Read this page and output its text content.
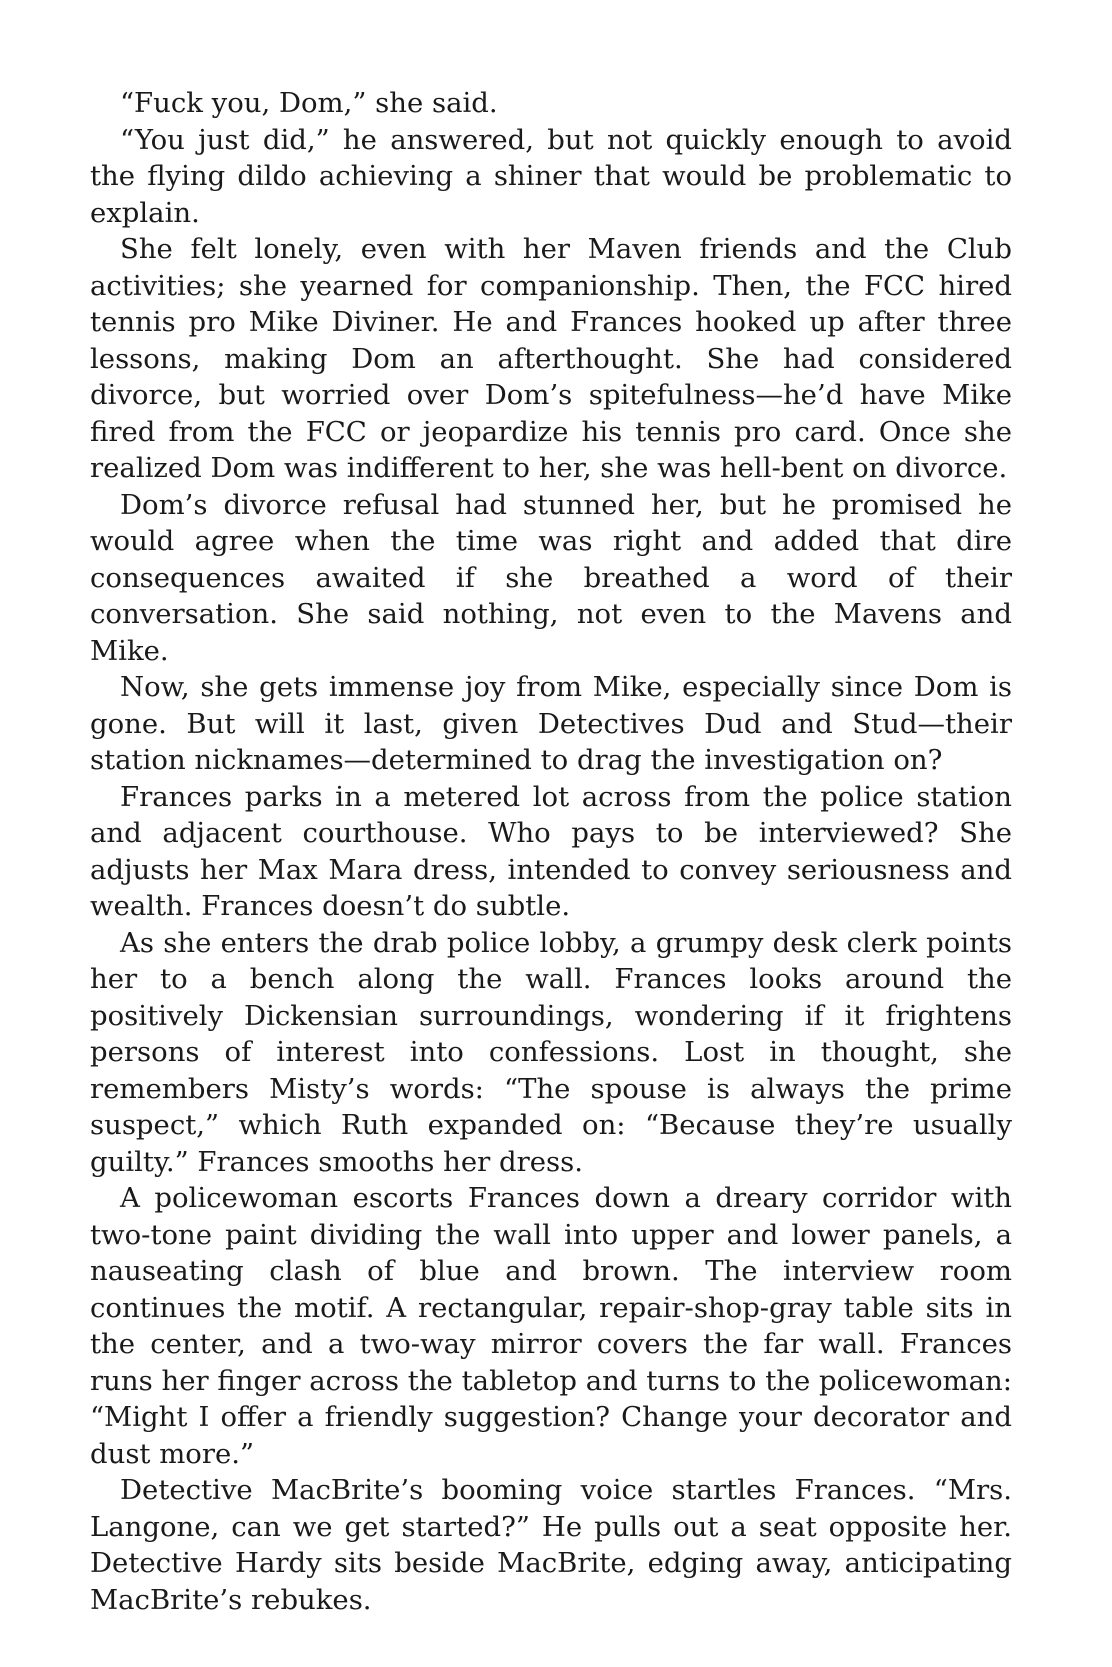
“Fuck you, Dom,” she said.

“You just did,” he answered, but not quickly enough to avoid the flying dildo achieving a shiner that would be problematic to explain.

She felt lonely, even with her Maven friends and the Club activities; she yearned for companionship. Then, the FCC hired tennis pro Mike Diviner. He and Frances hooked up after three lessons, making Dom an afterthought. She had considered divorce, but worried over Dom’s spitefulness—he’d have Mike fired from the FCC or jeopardize his tennis pro card. Once she realized Dom was indifferent to her, she was hell-bent on divorce.

Dom’s divorce refusal had stunned her, but he promised he would agree when the time was right and added that dire consequences awaited if she breathed a word of their conversation. She said nothing, not even to the Mavens and Mike.

Now, she gets immense joy from Mike, especially since Dom is gone. But will it last, given Detectives Dud and Stud—their station nicknames—determined to drag the investigation on?

Frances parks in a metered lot across from the police station and adjacent courthouse. Who pays to be interviewed? She adjusts her Max Mara dress, intended to convey seriousness and wealth. Frances doesn’t do subtle.

As she enters the drab police lobby, a grumpy desk clerk points her to a bench along the wall. Frances looks around the positively Dickensian surroundings, wondering if it frightens persons of interest into confessions. Lost in thought, she remembers Misty’s words: “The spouse is always the prime suspect,” which Ruth expanded on: “Because they’re usually guilty.” Frances smooths her dress.

A policewoman escorts Frances down a dreary corridor with two-tone paint dividing the wall into upper and lower panels, a nauseating clash of blue and brown. The interview room continues the motif. A rectangular, repair-shop-gray table sits in the center, and a two-way mirror covers the far wall. Frances runs her finger across the tabletop and turns to the policewoman: “Might I offer a friendly suggestion? Change your decorator and dust more.”

Detective MacBrite’s booming voice startles Frances. “Mrs. Langone, can we get started?” He pulls out a seat opposite her. Detective Hardy sits beside MacBrite, edging away, anticipating MacBrite’s rebukes.
